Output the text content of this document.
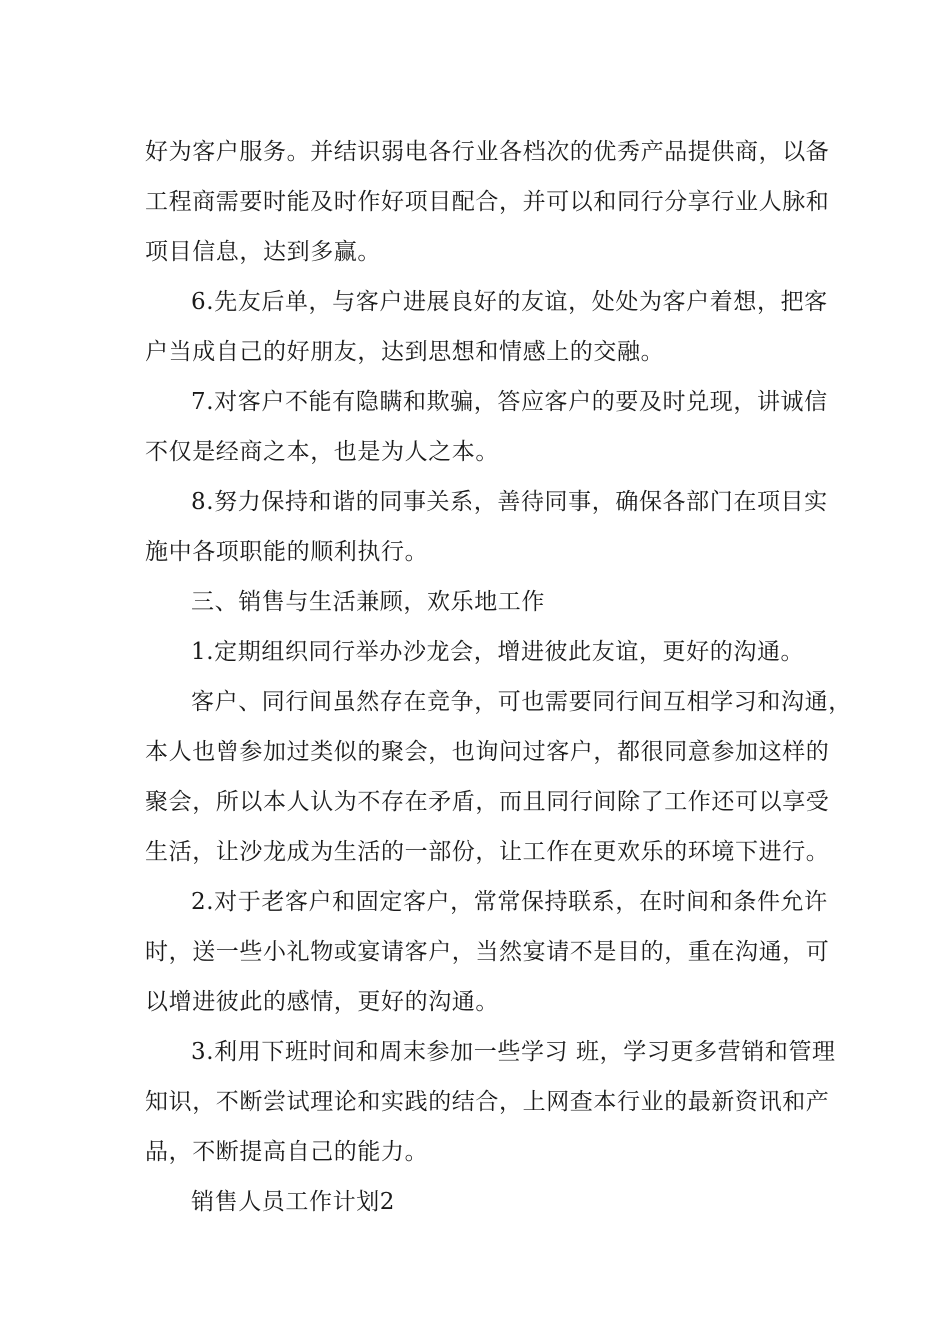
好为客户服务。并结识弱电各行业各档次的优秀产品提供商，以备
工程商需要时能及时作好项目配合，并可以和同行分享行业人脉和
项目信息，达到多赢。
6.先友后单，与客户进展良好的友谊，处处为客户着想，把客
户当成自己的好朋友，达到思想和情感上的交融。
7.对客户不能有隐瞒和欺骗，答应客户的要及时兑现，讲诚信
不仅是经商之本，也是为人之本。
8.努力保持和谐的同事关系，善待同事，确保各部门在项目实
施中各项职能的顺利执行。
三、销售与生活兼顾，欢乐地工作
1.定期组织同行举办沙龙会，增进彼此友谊，更好的沟通。
客户、同行间虽然存在竞争，可也需要同行间互相学习和沟通，
本人也曾参加过类似的聚会，也询问过客户，都很同意参加这样的
聚会，所以本人认为不存在矛盾，而且同行间除了工作还可以享受
生活，让沙龙成为生活的一部份，让工作在更欢乐的环境下进行。
2.对于老客户和固定客户，常常保持联系，在时间和条件允许
时，送一些小礼物或宴请客户，当然宴请不是目的，重在沟通，可
以增进彼此的感情，更好的沟通。
3.利用下班时间和周末参加一些学习 班，学习更多营销和管理
知识，不断尝试理论和实践的结合，上网查本行业的最新资讯和产
品，不断提高自己的能力。
销售人员工作计划2
